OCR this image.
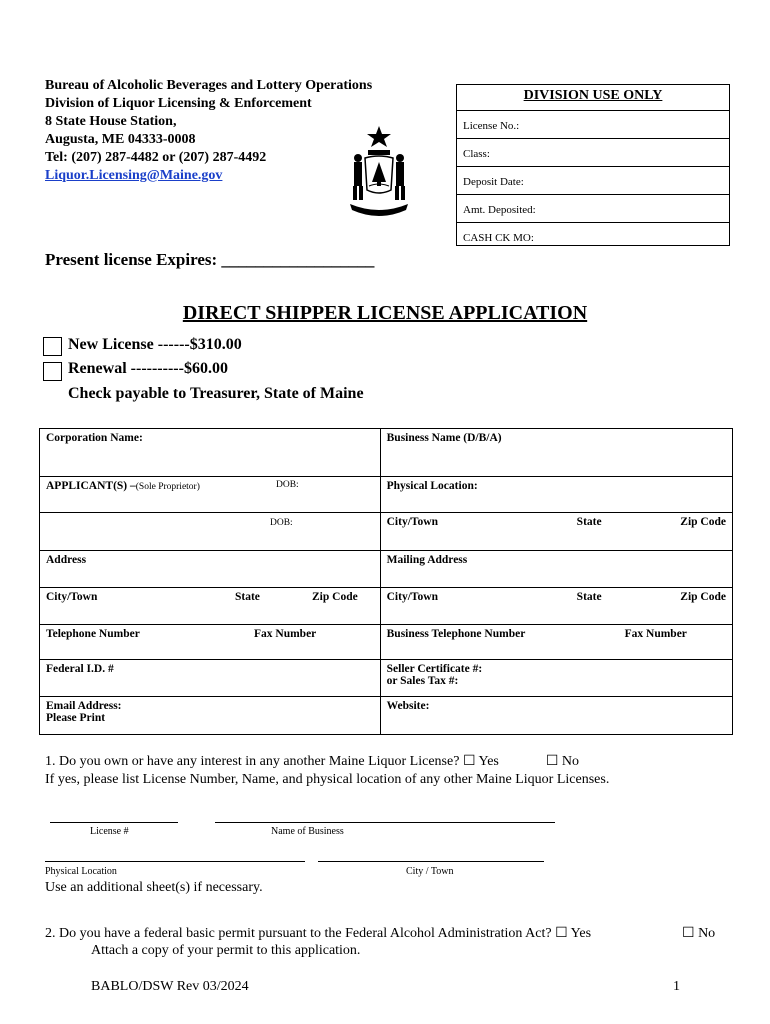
Bureau of Alcoholic Beverages and Lottery Operations
Division of Liquor Licensing & Enforcement
8 State House Station,
Augusta, ME 04333-0008
Tel: (207) 287-4482 or (207) 287-4492
Liquor.Licensing@Maine.gov
DIVISION USE ONLY
License No.:
Class:
Deposit Date:
Amt. Deposited:
CASH CK MO:
Present license Expires: __________________
DIRECT SHIPPER LICENSE APPLICATION
New License ------$310.00
Renewal ----------$60.00
Check payable to Treasurer, State of Maine
Corporation Name:	Business Name (D/B/A)

APPLICANT(S) –(Sole Proprietor) DOB:	Physical Location:

DOB:	City/Town State Zip Code

Address	Mailing Address

City/Town State Zip Code	City/Town State Zip Code

Telephone Number Fax Number	Business Telephone Number Fax Number

Federal I.D. #	Seller Certificate #:
or Sales Tax #:

Email Address:
Please Print	Website:
1. Do you own or have any interest in any another Maine Liquor License? ☐ Yes	☐ No
If yes, please list License Number, Name, and physical location of any other Maine Liquor Licenses.
License #	Name of Business
Physical Location	City / Town
Use an additional sheet(s) if necessary.
2. Do you have a federal basic permit pursuant to the Federal Alcohol Administration Act? ☐ Yes	☐ No
Attach a copy of your permit to this application.
BABLO/DSW Rev 03/2024	1
